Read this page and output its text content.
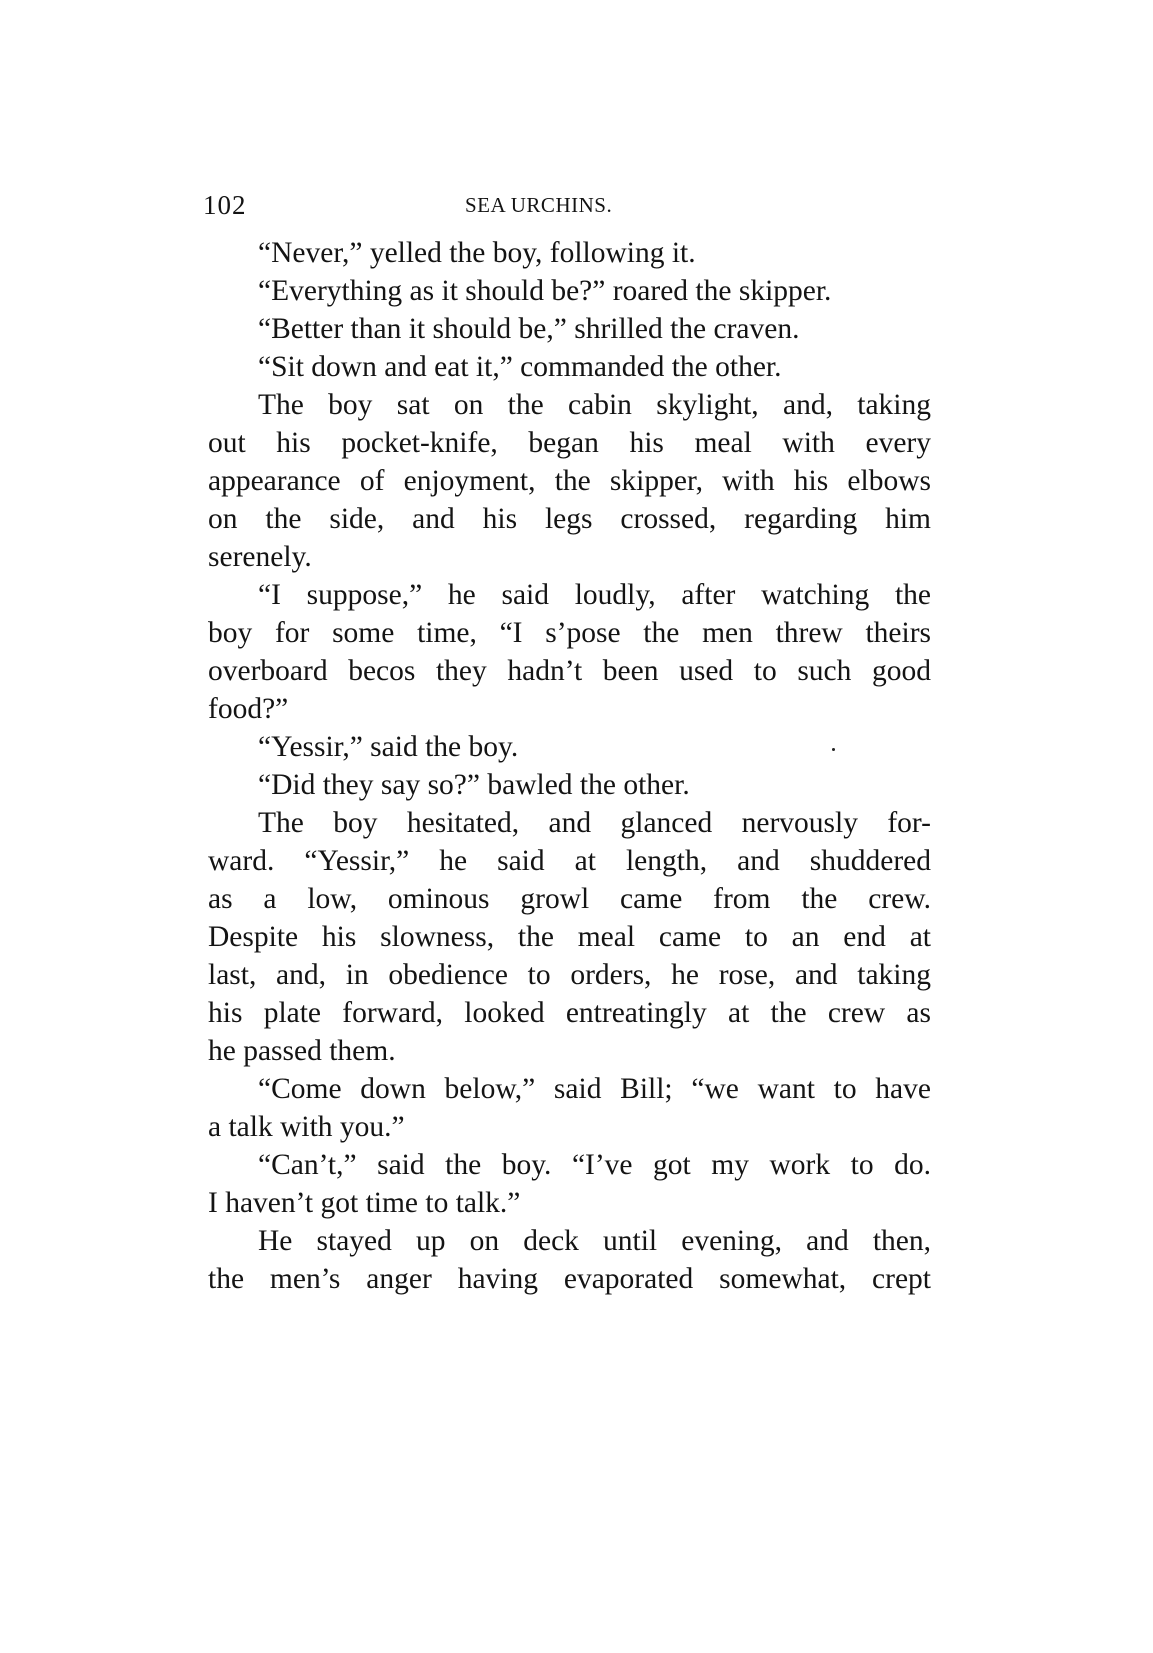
102	SEA URCHINS.
“Never,” yelled the boy, following it.
“Everything as it should be?” roared the skipper.
“Better than it should be,” shrilled the craven.
“Sit down and eat it,” commanded the other.
The boy sat on the cabin skylight, and, taking
out his pocket-knife, began his meal with every
appearance of enjoyment, the skipper, with his elbows
on the side, and his legs crossed, regarding him
serenely.
“I suppose,” he said loudly, after watching the
boy for some time, “I s’pose the men threw theirs
overboard becos they hadn’t been used to such good
food?”
“Yessir,” said the boy.
“Did they say so?” bawled the other.
The boy hesitated, and glanced nervously for-
ward. “Yessir,” he said at length, and shuddered
as a low, ominous growl came from the crew.
Despite his slowness, the meal came to an end at
last, and, in obedience to orders, he rose, and taking
his plate forward, looked entreatingly at the crew as
he passed them.
“Come down below,” said Bill; “we want to have
a talk with you.”
“Can’t,” said the boy. “I’ve got my work to do.
I haven’t got time to talk.”
He stayed up on deck until evening, and then,
the men’s anger having evaporated somewhat, crept
